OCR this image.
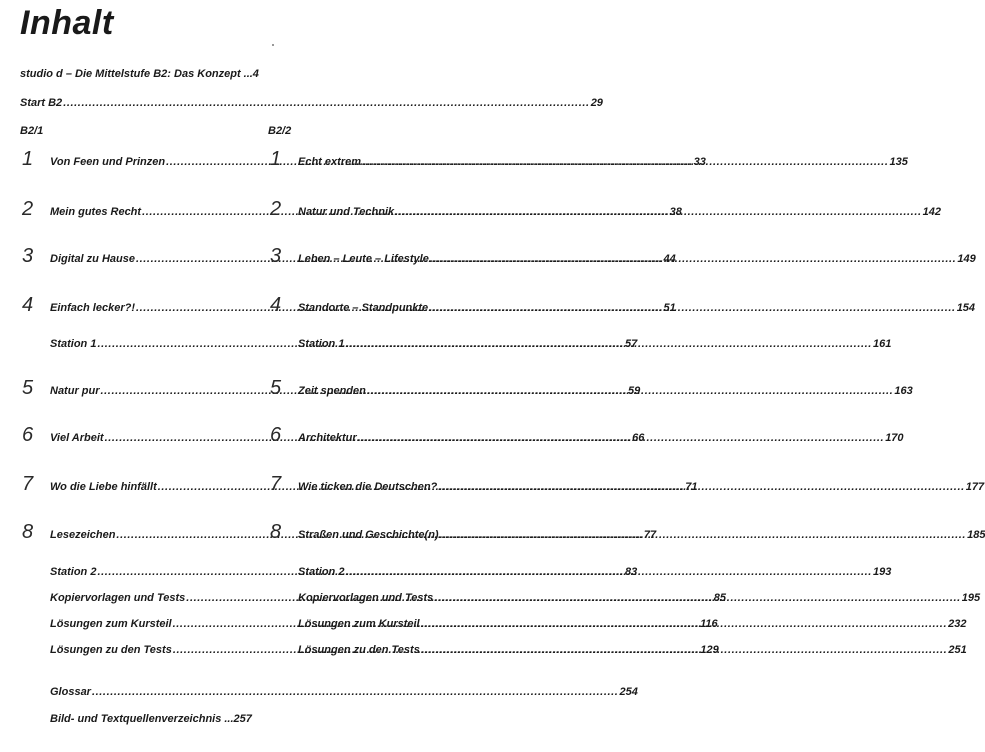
Inhalt
studio d – Die Mittelstufe B2: Das Konzept ...4
Start B2 .....	29
B2/1	B2/2
1 Von Feen und Prinzen .....	33
2 Mein gutes Recht .....	38
3 Digital zu Hause .....	44
4 Einfach lecker?! .....	51
Station 1 .....	57
5 Natur pur .....	59
6 Viel Arbeit .....	66
7 Wo die Liebe hinfällt .....	71
8 Lesezeichen .....	77
Station 2 .....	83
Kopiervorlagen und Tests .....	85
Lösungen zum Kursteil .....	116
Lösungen zu den Tests .....	129
Glossar .....	254
Bild- und Textquellenverzeichnis ...257
1 Echt extrem .....	135
2 Natur und Technik .....	142
3 Leben – Leute – Lifestyle .....	149
4 Standorte – Standpunkte .....	154
Station 1 .....	161
5 Zeit spenden .....	163
6 Architektur .....	170
7 Wie ticken die Deutschen? .....	177
8 Straßen und Geschichte(n) .....	185
Station 2 .....	193
Kopiervorlagen und Tests .....	195
Lösungen zum Kursteil .....	232
Lösungen zu den Tests .....	251
